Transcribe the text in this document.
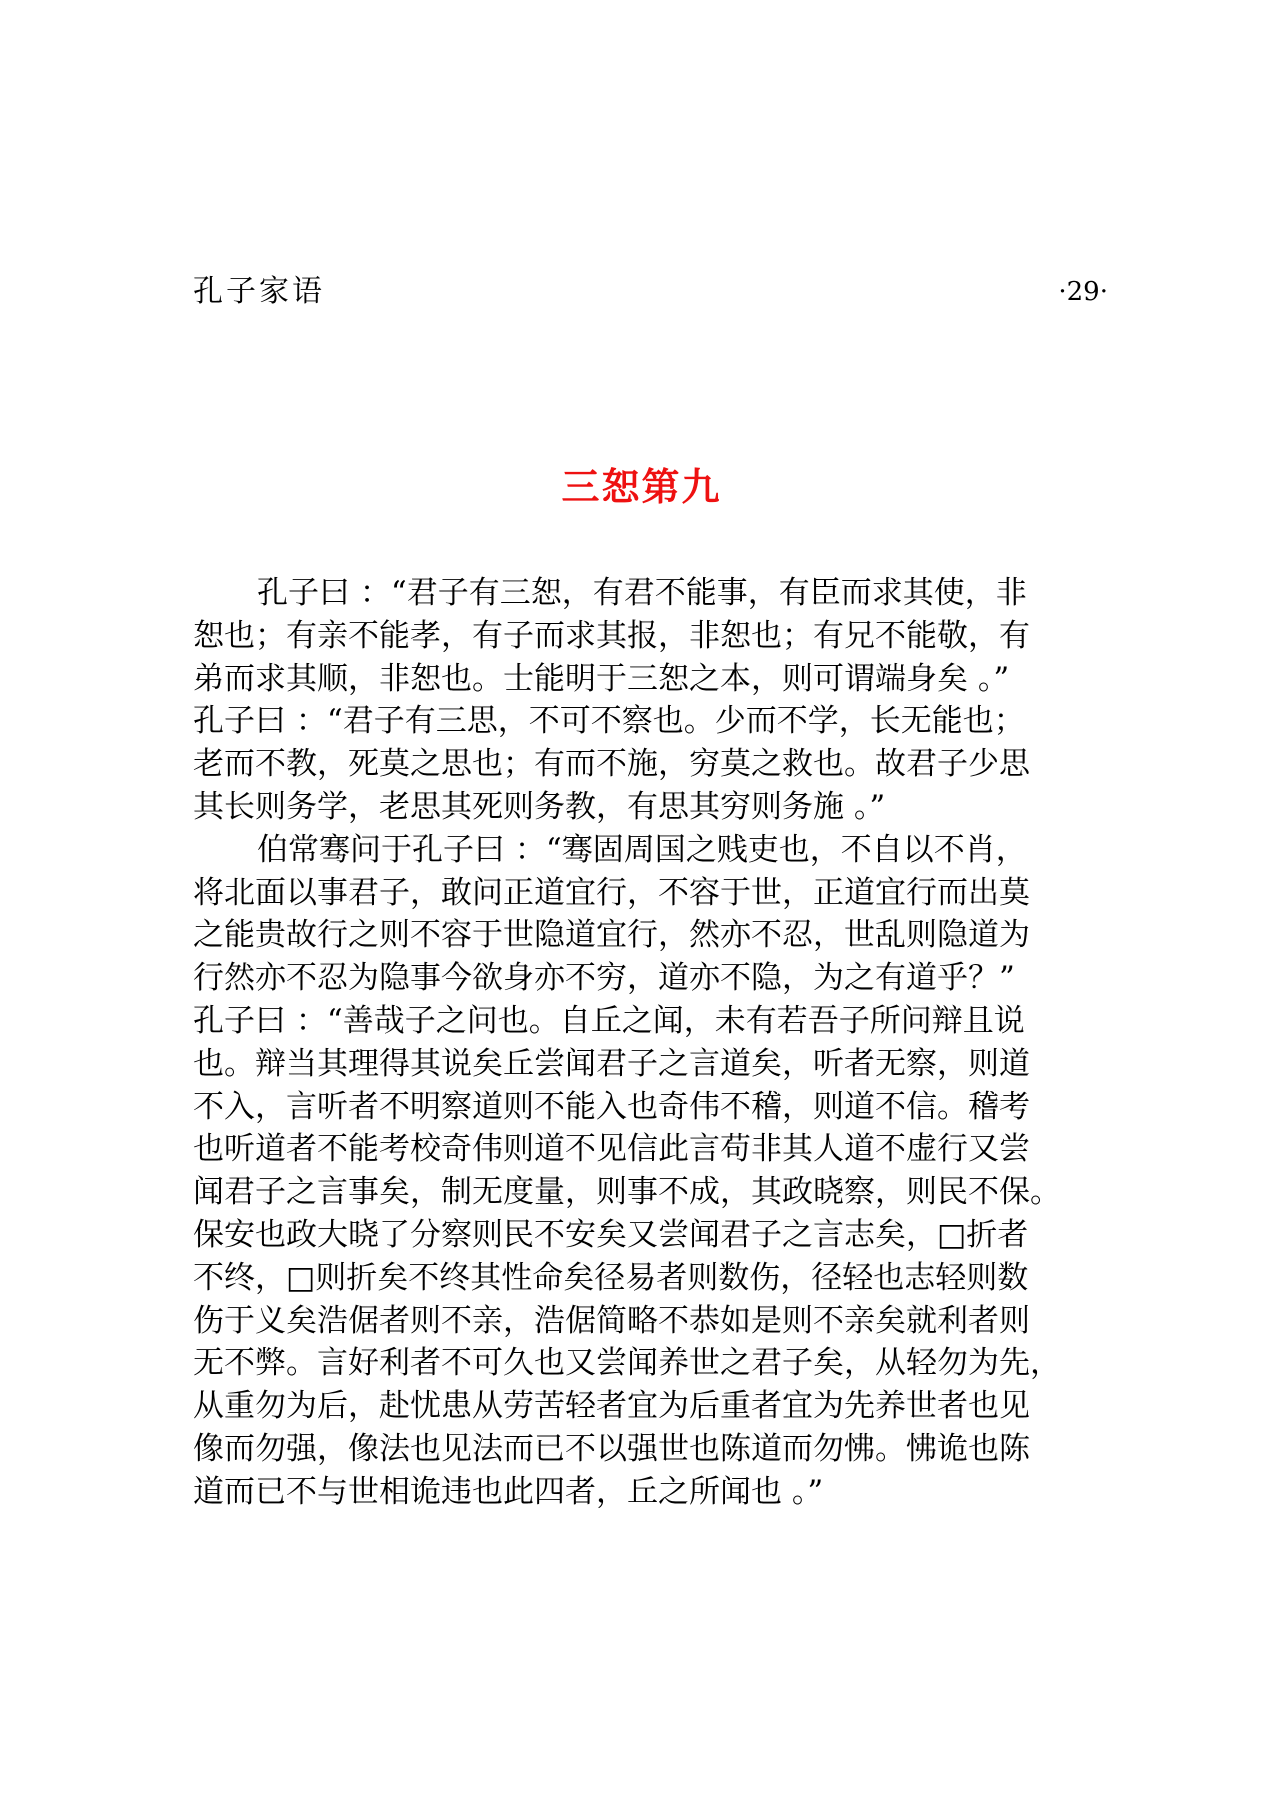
孔子家语	·29·
三恕第九
孔子曰 ：“君子有三恕，有君不能事，有臣而求其使，非
恕也；有亲不能孝，有子而求其报，非恕也；有兄不能敬，有
弟而求其顺，非恕也。士能明于三恕之本，则可谓端身矣 。”
孔子曰 ：“君子有三思，不可不察也。少而不学，长无能也；
老而不教，死莫之思也；有而不施，穷莫之救也。故君子少思
其长则务学，老思其死则务教，有思其穷则务施 。”
伯常骞问于孔子曰 ：“骞固周国之贱吏也，不自以不肖，
将北面以事君子，敢问正道宜行，不容于世，正道宜行而出莫
之能贵故行之则不容于世隐道宜行，然亦不忍，世乱则隐道为
行然亦不忍为隐事今欲身亦不穷，道亦不隐，为之有道乎？”
孔子曰 ：“善哉子之问也。自丘之闻，未有若吾子所问辩且说
也。辩当其理得其说矣丘尝闻君子之言道矣，听者无察，则道
不入，言听者不明察道则不能入也奇伟不稽，则道不信。稽考
也听道者不能考校奇伟则道不见信此言苟非其人道不虚行又尝
闻君子之言事矣，制无度量，则事不成，其政晓察，则民不保。
保安也政大晓了分察则民不安矣又尝闻君子之言志矣，□折者
不终，□则折矣不终其性命矣径易者则数伤，径轻也志轻则数
伤于义矣浩倨者则不亲，浩倨简略不恭如是则不亲矣就利者则
无不弊。言好利者不可久也又尝闻养世之君子矣，从轻勿为先，
从重勿为后，赴忧患从劳苦轻者宜为后重者宜为先养世者也见
像而勿强，像法也见法而已不以强世也陈道而勿怫。怫诡也陈
道而已不与世相诡违也此四者，丘之所闻也 。”
